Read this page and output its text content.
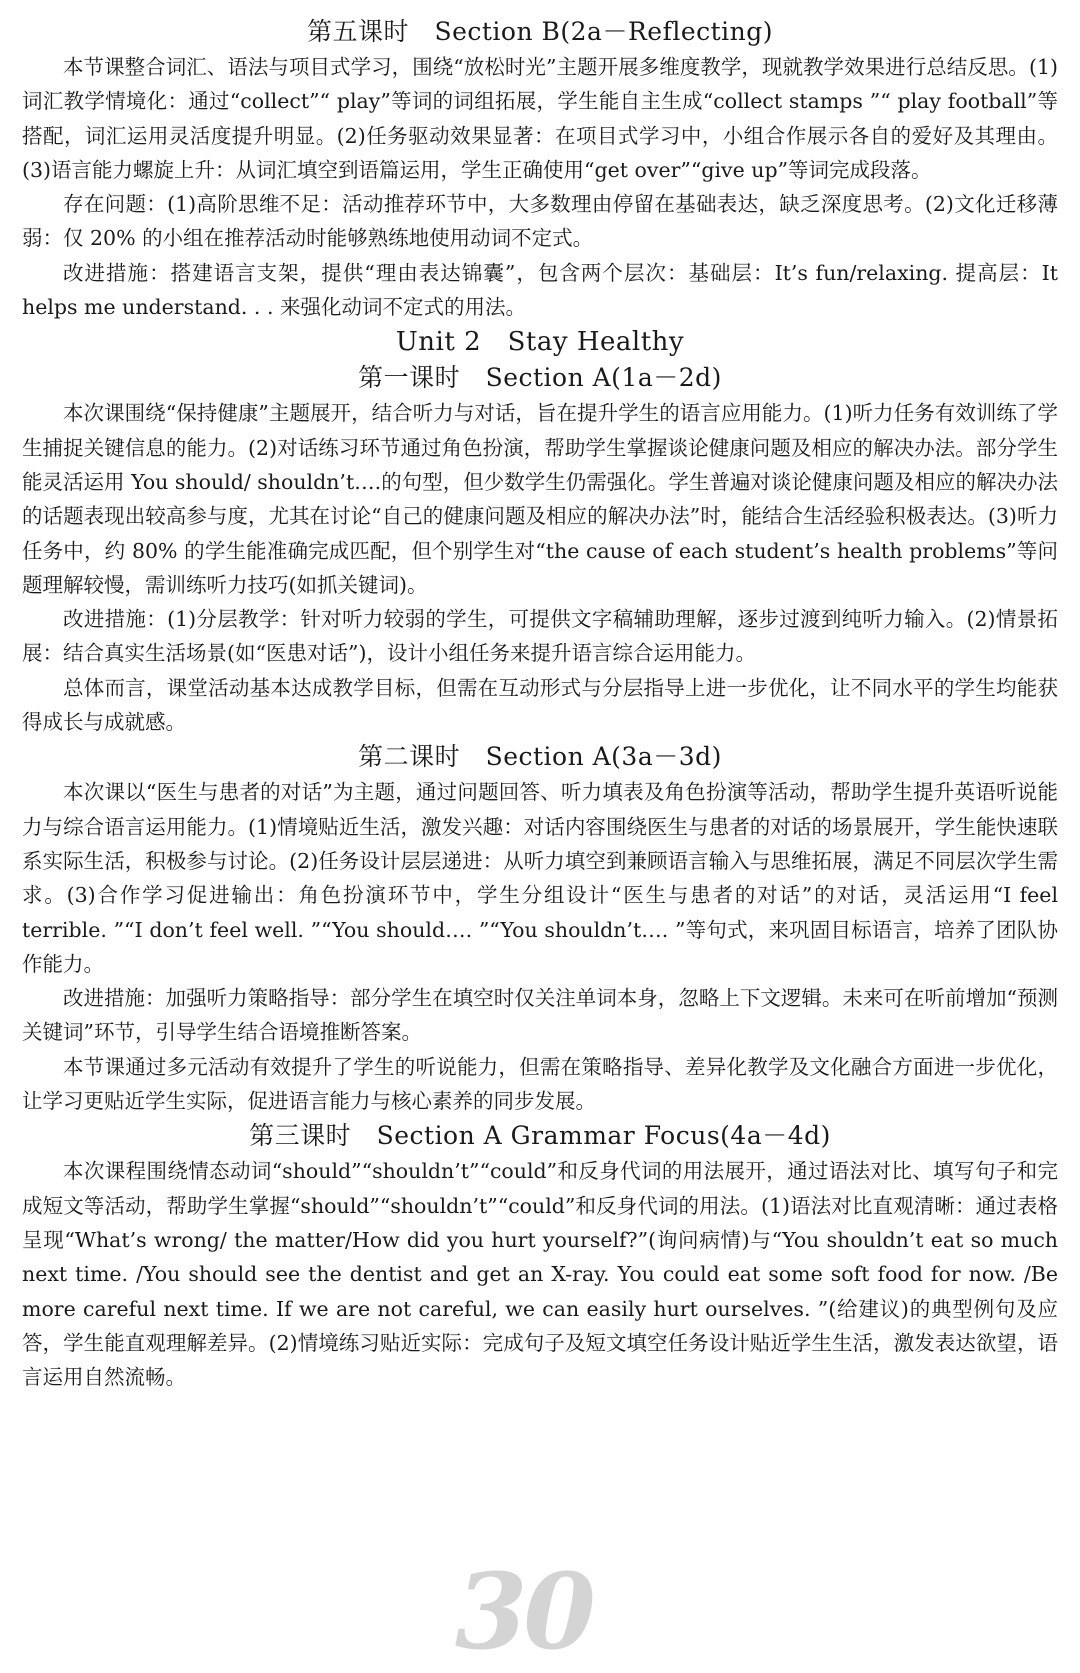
30
第五课时　Section B(2a－Reflecting)

本节课整合词汇、语法与项目式学习，围绕“放松时光”主题开展多维度教学，现就教学效果进行总结反思。(1)词汇教学情境化：通过“collect”“ play”等词的词组拓展，学生能自主生成“collect stamps ”“ play football”等搭配，词汇运用灵活度提升明显。(2)任务驱动效果显著：在项目式学习中，小组合作展示各自的爱好及其理由。(3)语言能力螺旋上升：从词汇填空到语篇运用，学生正确使用“get over”“give up”等词完成段落。

存在问题：(1)高阶思维不足：活动推荐环节中，大多数理由停留在基础表达，缺乏深度思考。(2)文化迁移薄弱：仅 20% 的小组在推荐活动时能够熟练地使用动词不定式。

改进措施：搭建语言支架，提供“理由表达锦囊”，包含两个层次：基础层：It’s fun/relaxing. 提高层：It helps me understand. . . 来强化动词不定式的用法。

Unit 2　Stay Healthy
第一课时　Section A(1a－2d)

本次课围绕“保持健康”主题展开，结合听力与对话，旨在提升学生的语言应用能力。(1)听力任务有效训练了学生捕捉关键信息的能力。(2)对话练习环节通过角色扮演，帮助学生掌握谈论健康问题及相应的解决办法。部分学生能灵活运用 You should/ shouldn’t….的句型，但少数学生仍需强化。学生普遍对谈论健康问题及相应的解决办法的话题表现出较高参与度，尤其在讨论“自己的健康问题及相应的解决办法”时，能结合生活经验积极表达。(3)听力任务中，约 80% 的学生能准确完成匹配，但个别学生对“the cause of each student’s health problems”等问题理解较慢，需训练听力技巧(如抓关键词)。

改进措施：(1)分层教学：针对听力较弱的学生，可提供文字稿辅助理解，逐步过渡到纯听力输入。(2)情景拓展：结合真实生活场景(如“医患对话”)，设计小组任务来提升语言综合运用能力。

总体而言，课堂活动基本达成教学目标，但需在互动形式与分层指导上进一步优化，让不同水平的学生均能获得成长与成就感。

第二课时　Section A(3a－3d)

本次课以“医生与患者的对话”为主题，通过问题回答、听力填表及角色扮演等活动，帮助学生提升英语听说能力与综合语言运用能力。(1)情境贴近生活，激发兴趣：对话内容围绕医生与患者的对话的场景展开，学生能快速联系实际生活，积极参与讨论。(2)任务设计层层递进：从听力填空到兼顾语言输入与思维拓展，满足不同层次学生需求。(3)合作学习促进输出：角色扮演环节中，学生分组设计“医生与患者的对话”的对话，灵活运用“I feel terrible. ”“I don’t feel well. ”“You should…. ”“You shouldn’t…. ”等句式，来巩固目标语言，培养了团队协作能力。

改进措施：加强听力策略指导：部分学生在填空时仅关注单词本身，忽略上下文逻辑。未来可在听前增加“预测关键词”环节，引导学生结合语境推断答案。

本节课通过多元活动有效提升了学生的听说能力，但需在策略指导、差异化教学及文化融合方面进一步优化，让学习更贴近学生实际，促进语言能力与核心素养的同步发展。

第三课时　Section A Grammar Focus(4a－4d)

本次课程围绕情态动词“should”“shouldn’t”“could”和反身代词的用法展开，通过语法对比、填写句子和完成短文等活动，帮助学生掌握“should”“shouldn’t”“could”和反身代词的用法。(1)语法对比直观清晰：通过表格呈现“What’s wrong/ the matter/How did you hurt yourself?”(询问病情)与“You shouldn’t eat so much next time. /You should see the dentist and get an X-ray. You could eat some soft food for now. /Be more careful next time. If we are not careful, we can easily hurt ourselves. ”(给建议)的典型例句及应答，学生能直观理解差异。(2)情境练习贴近实际：完成句子及短文填空任务设计贴近学生生活，激发表达欲望，语言运用自然流畅。
